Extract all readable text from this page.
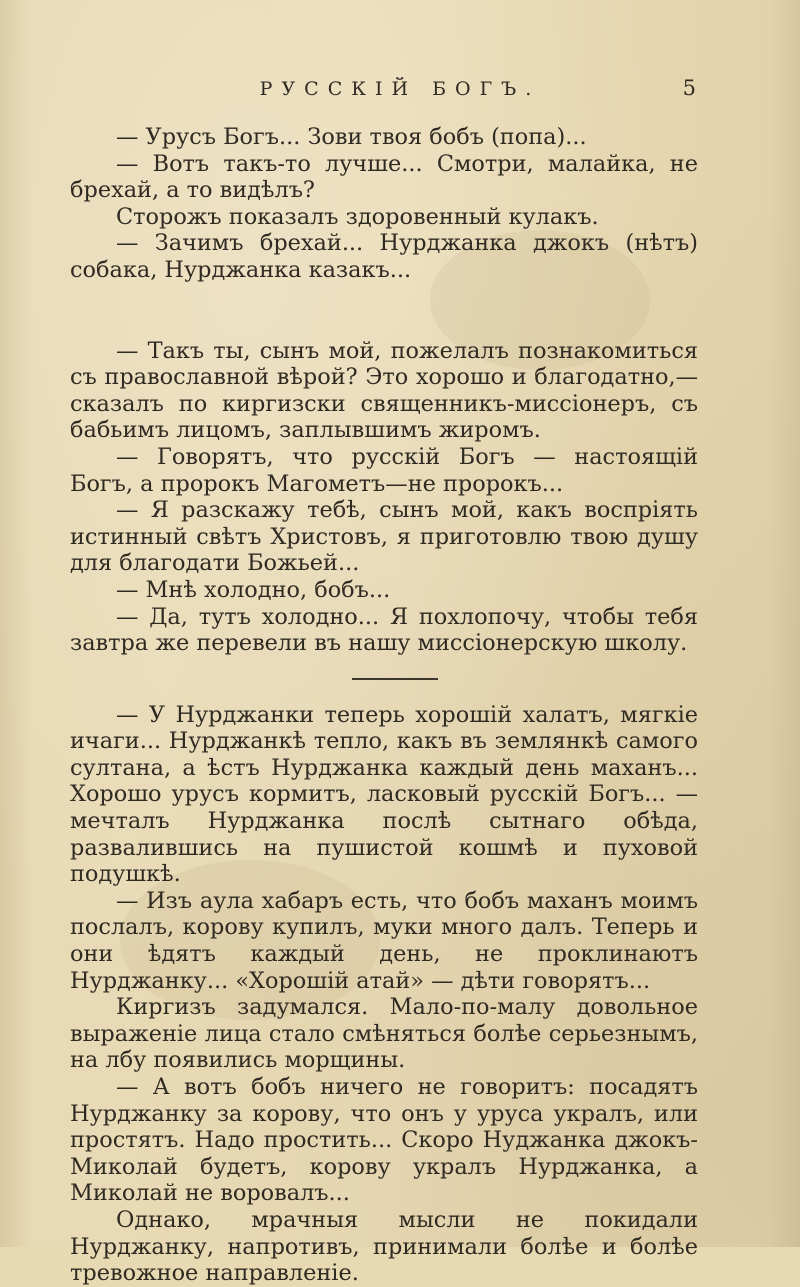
РУССКІЙ БОГЪ.	5

— Урусъ Богъ... Зови твоя бобъ (попа)...

— Вотъ такъ-то лучше... Смотри, малайка, не брехай, а то видѣлъ?

Сторожъ показалъ здоровенный кулакъ.

— Зачимъ брехай... Нурджанка джокъ (нѣтъ) собака, Нурджанка казакъ...

— Такъ ты, сынъ мой, пожелалъ познакомиться съ православной вѣрой? Это хорошо и благодатно,—сказалъ по киргизски священникъ-миссіонеръ, съ бабьимъ лицомъ, заплывшимъ жиромъ.

— Говорятъ, что русскій Богъ — настоящій Богъ, а пророкъ Магометъ—не пророкъ...

— Я разскажу тебѣ, сынъ мой, какъ воспріять истинный свѣтъ Христовъ, я приготовлю твою душу для благодати Божьей...

— Мнѣ холодно, бобъ...

— Да, тутъ холодно... Я похлопочу, чтобы тебя завтра же перевели въ нашу миссіонерскую школу.

— У Нурджанки теперь хорошій халатъ, мягкіе ичаги... Нурджанкѣ тепло, какъ въ землянкѣ самого султана, а ѣстъ Нурджанка каждый день маханъ... Хорошо урусъ кормитъ, ласковый русскій Богъ... — мечталъ Нурджанка послѣ сытнаго обѣда, развалившись на пушистой кошмѣ и пуховой подушкѣ.

— Изъ аула хабаръ есть, что бобъ маханъ моимъ послалъ, корову купилъ, муки много далъ. Теперь и они ѣдятъ каждый день, не проклинаютъ Нурджанку... «Хорошій атай» — дѣти говорятъ...

Киргизъ задумался. Мало-по-малу довольное выраженіе лица стало смѣняться болѣе серьезнымъ, на лбу появились морщины.

— А вотъ бобъ ничего не говоритъ: посадятъ Нурджанку за корову, что онъ у уруса укралъ, или простятъ. Надо простить... Скоро Нуджанка джокъ-Миколай будетъ, корову укралъ Нурджанка, а Миколай не воровалъ...

Однако, мрачныя мысли не покидали Нурджанку, напротивъ, принимали болѣе и болѣе тревожное направленіе.
